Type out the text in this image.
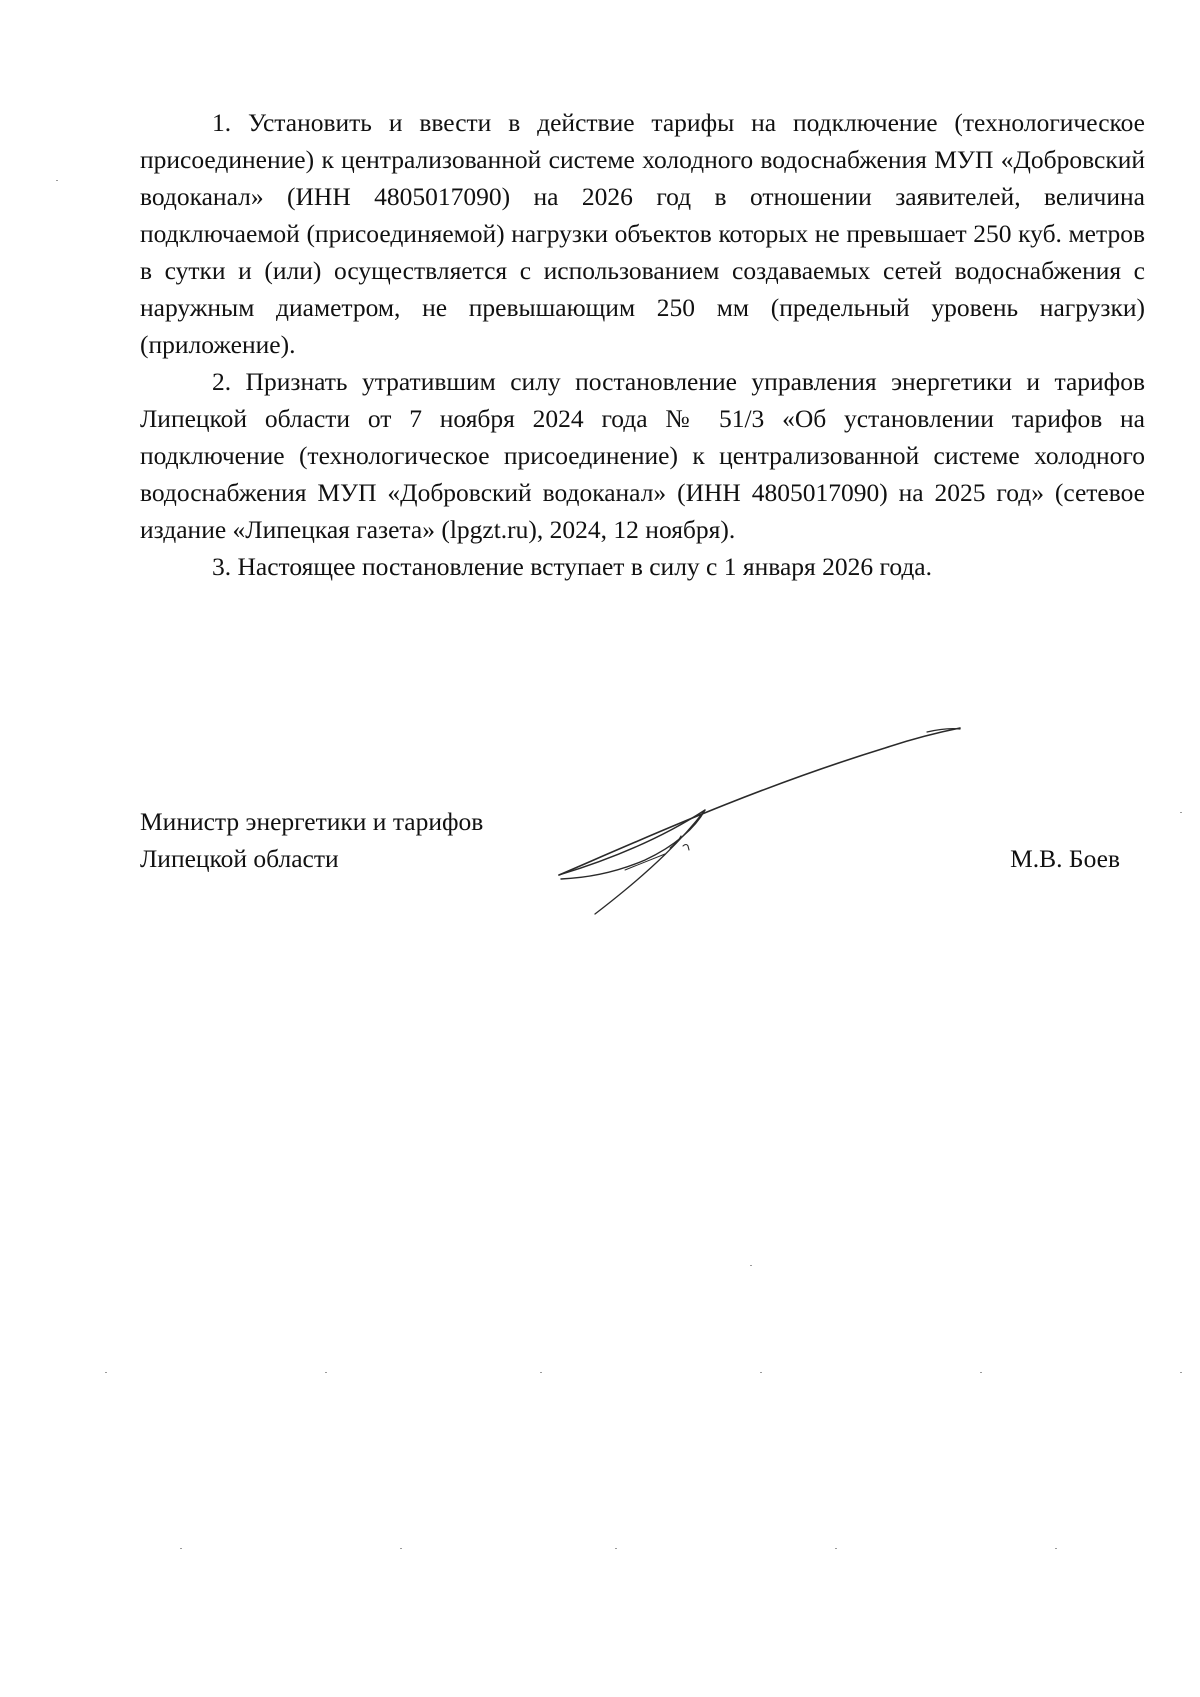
1. Установить и ввести в действие тарифы на подключение (технологическое присоединение) к централизованной системе холодного водоснабжения МУП «Добровский водоканал» (ИНН 4805017090) на 2026 год в отношении заявителей, величина подключаемой (присоединяемой) нагрузки объектов которых не превышает 250 куб. метров в сутки и (или) осуществляется с использованием создаваемых сетей водоснабжения с наружным диаметром, не превышающим 250 мм (предельный уровень нагрузки) (приложение).

2. Признать утратившим силу постановление управления энергетики и тарифов Липецкой области от 7 ноября 2024 года № 51/3 «Об установлении тарифов на подключение (технологическое присоединение) к централизованной системе холодного водоснабжения МУП «Добровский водоканал» (ИНН 4805017090) на 2025 год» (сетевое издание «Липецкая газета» (lpgzt.ru), 2024, 12 ноября).

3. Настоящее постановление вступает в силу с 1 января 2026 года.

Министр энергетики и тарифов
Липецкой области	М.В. Боев
